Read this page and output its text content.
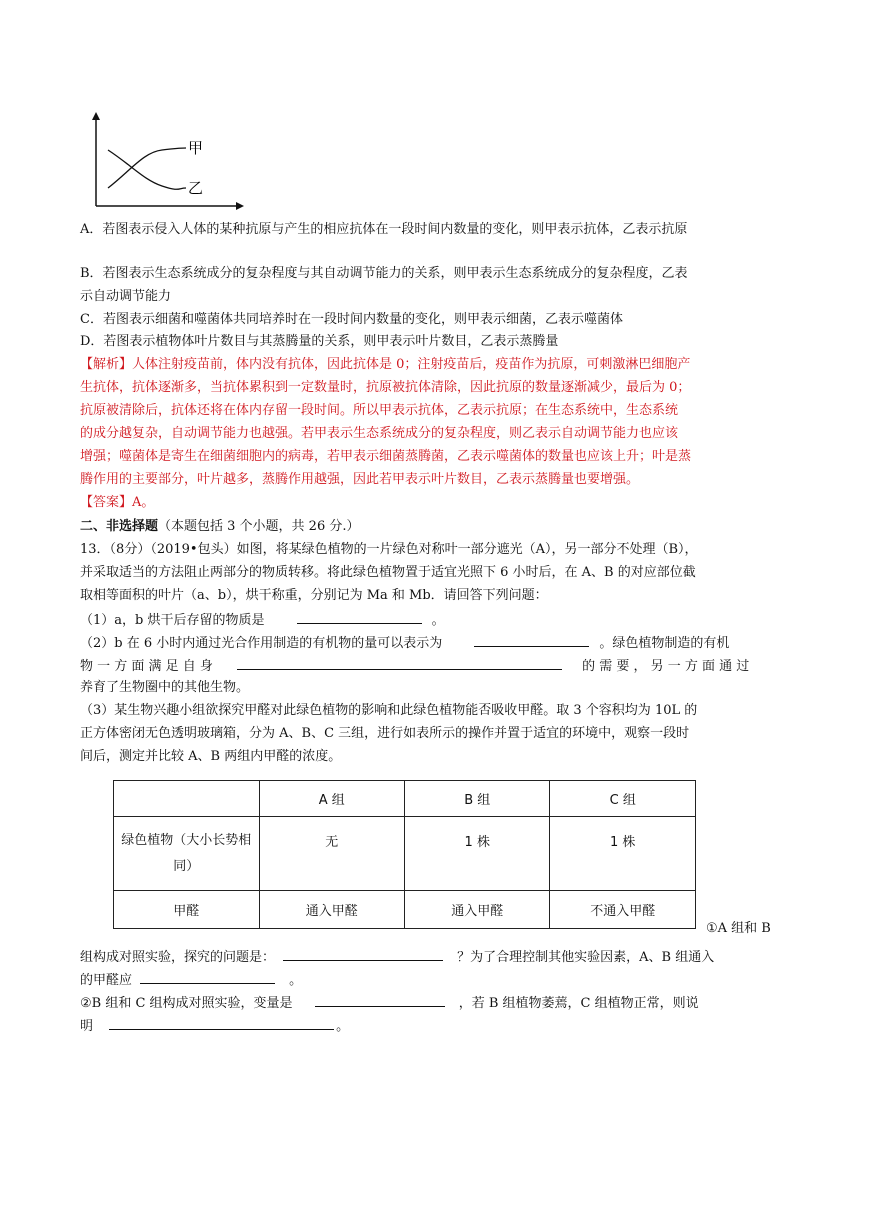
甲
乙
A．若图表示侵入人体的某种抗原与产生的相应抗体在一段时间内数量的变化，则甲表示抗体，乙表示抗原
B．若图表示生态系统成分的复杂程度与其自动调节能力的关系，则甲表示生态系统成分的复杂程度，乙表
示自动调节能力
C．若图表示细菌和噬菌体共同培养时在一段时间内数量的变化，则甲表示细菌，乙表示噬菌体
D．若图表示植物体叶片数目与其蒸腾量的关系，则甲表示叶片数目，乙表示蒸腾量
【解析】人体注射疫苗前，体内没有抗体，因此抗体是 0；注射疫苗后，疫苗作为抗原，可刺激淋巴细胞产
生抗体，抗体逐渐多，当抗体累积到一定数量时，抗原被抗体清除，因此抗原的数量逐渐减少，最后为 0；
抗原被清除后，抗体还将在体内存留一段时间。所以甲表示抗体，乙表示抗原；在生态系统中，生态系统
的成分越复杂，自动调节能力也越强。若甲表示生态系统成分的复杂程度，则乙表示自动调节能力也应该
增强；噬菌体是寄生在细菌细胞内的病毒，若甲表示细菌蒸腾菌，乙表示噬菌体的数量也应该上升；叶是蒸
腾作用的主要部分，叶片越多，蒸腾作用越强，因此若甲表示叶片数目，乙表示蒸腾量也要增强。
【答案】A。
二、非选择题（本题包括 3 个小题，共 26 分.）
13．（8分）（2019•包头）如图，将某绿色植物的一片绿色对称叶一部分遮光（A），另一部分不处理（B），
并采取适当的方法阻止两部分的物质转移。将此绿色植物置于适宜光照下 6 小时后，在 A、B 的对应部位截
取相等面积的叶片（a、b），烘干称重，分别记为 Ma 和 Mb．请回答下列问题：
（1）a，b 烘干后存留的物质是	。
（2）b 在 6 小时内通过光合作用制造的有机物的量可以表示为	。绿色植物制造的有机
物 一 方 面 满 足 自 身	的 需 要 ， 另 一 方 面 通 过
养育了生物圈中的其他生物。
（3）某生物兴趣小组欲探究甲醛对此绿色植物的影响和此绿色植物能否吸收甲醛。取 3 个容积均为 10L 的
正方体密闭无色透明玻璃箱，分为 A、B、C 三组，进行如表所示的操作并置于适宜的环境中，观察一段时
间后，测定并比较 A、B 两组内甲醛的浓度。
	A 组	B 组	C 组
绿色植物（大小长势相同）	无	1 株	1 株
甲醛	通入甲醛	通入甲醛	不通入甲醛
①A 组和 B
组构成对照实验，探究的问题是：	？为了合理控制其他实验因素，A、B 组通入
的甲醛应	。
②B 组和 C 组构成对照实验，变量是	，若 B 组植物萎蔫，C 组植物正常，则说
明	。
